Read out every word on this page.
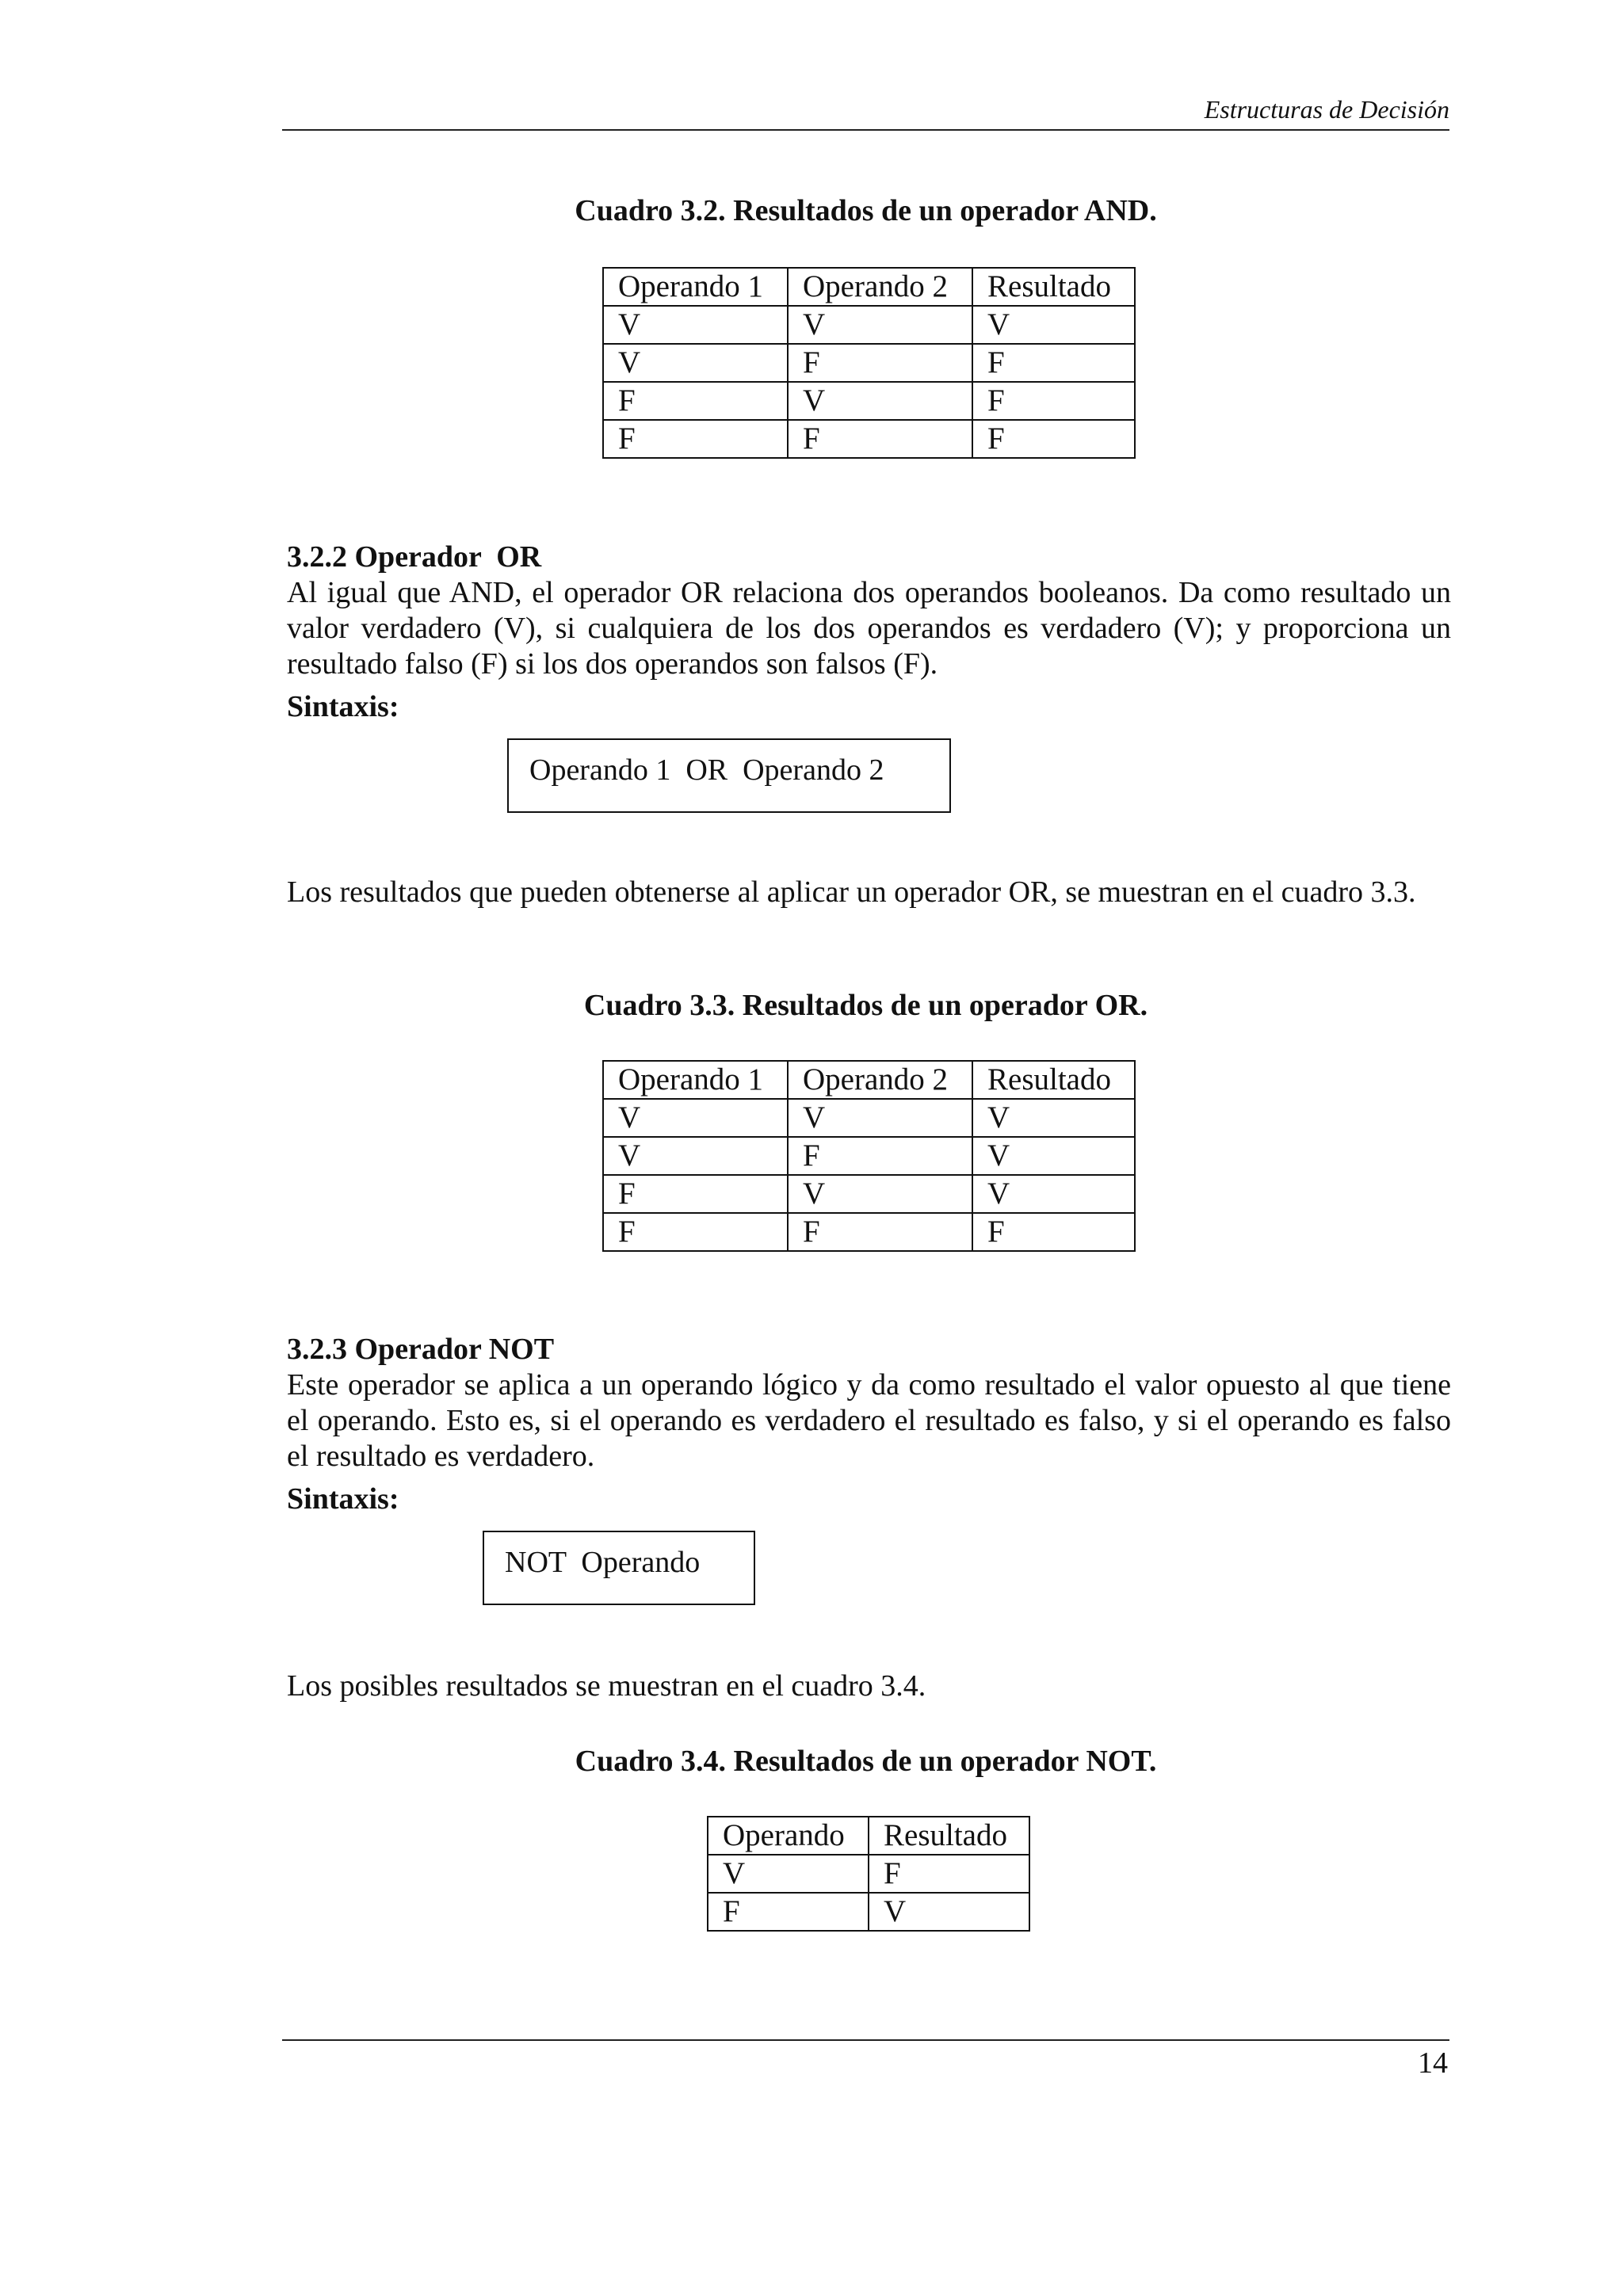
Estructuras de Decisión
Cuadro 3.2. Resultados de un operador AND.
Operando 1	Operando 2	Resultado
V	V	V
V	F	F
F	V	F
F	F	F
3.2.2 Operador  OR
Al igual que AND, el operador OR relaciona dos operandos booleanos. Da como resultado un valor verdadero (V), si cualquiera de los dos operandos es verdadero (V); y proporciona un resultado falso (F) si los dos operandos son falsos (F).
Sintaxis:
Operando 1  OR  Operando 2
Los resultados que pueden obtenerse al aplicar un operador OR, se muestran en el cuadro 3.3.
Cuadro 3.3. Resultados de un operador OR.
Operando 1	Operando 2	Resultado
V	V	V
V	F	V
F	V	V
F	F	F
3.2.3 Operador NOT
Este operador se aplica a un operando lógico y da como resultado el valor opuesto al que tiene el operando. Esto es, si el operando es verdadero el resultado es falso, y si el operando es falso el resultado es verdadero.
Sintaxis:
NOT  Operando
Los posibles resultados se muestran en el cuadro 3.4.
Cuadro 3.4. Resultados de un operador NOT.
Operando	Resultado
V	F
F	V
14
